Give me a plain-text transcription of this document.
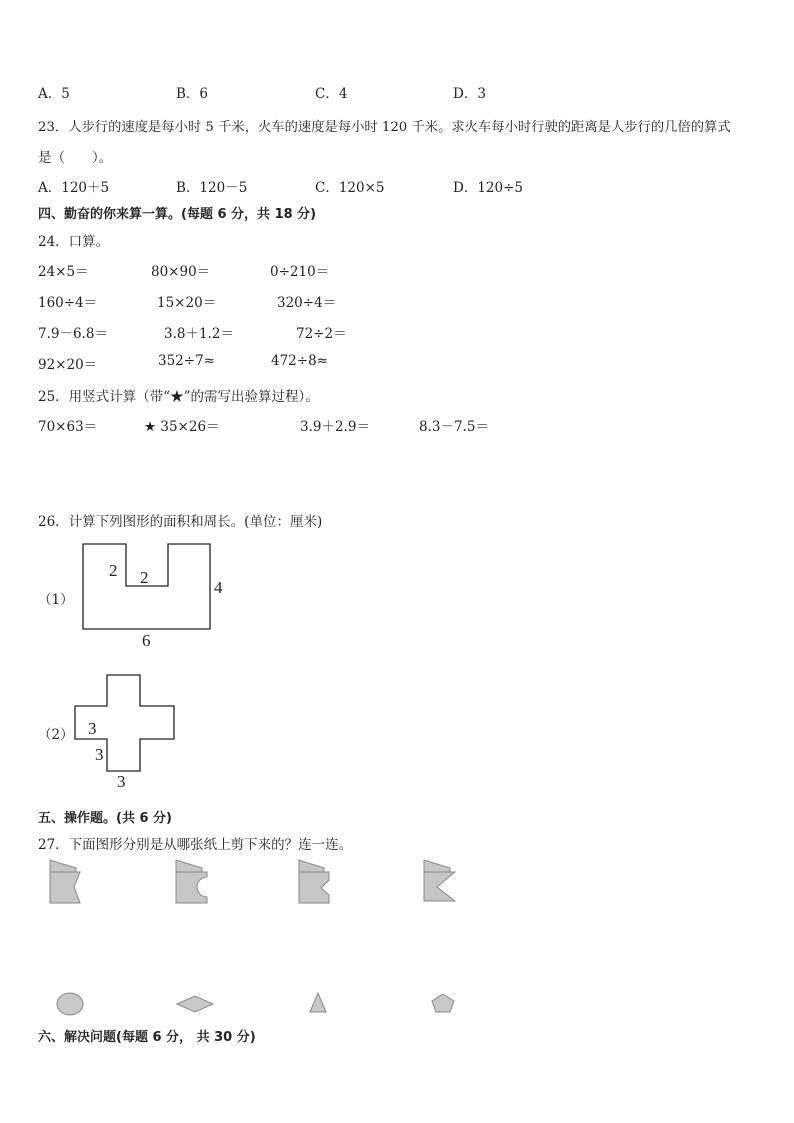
A．5	B．6	C．4	D．3
23．人步行的速度是每小时 5 千米，火车的速度是每小时 120 千米。求火车每小时行驶的距离是人步行的几倍的算式
是（　　）。
A．120＋5	B．120－5	C．120×5	D．120÷5
四、勤奋的你来算一算。(每题 6 分，共 18 分)
24．口算。
24×5＝	80×90＝	0÷210＝
160÷4＝	15×20＝	320÷4＝
7.9－6.8＝	3.8＋1.2＝	72÷2＝
92×20＝	352÷7≈	472÷8≈
25．用竖式计算（带“★”的需写出验算过程）。
70×63＝	★ 35×26＝	3.9＋2.9＝	8.3－7.5＝
26．计算下列图形的面积和周长。(单位：厘米)
（1）
（2）
2 2
4
6
3
3
3
五、操作题。(共 6 分)
27．下面图形分别是从哪张纸上剪下来的？连一连。
六、解决问题(每题 6 分， 共 30 分)
